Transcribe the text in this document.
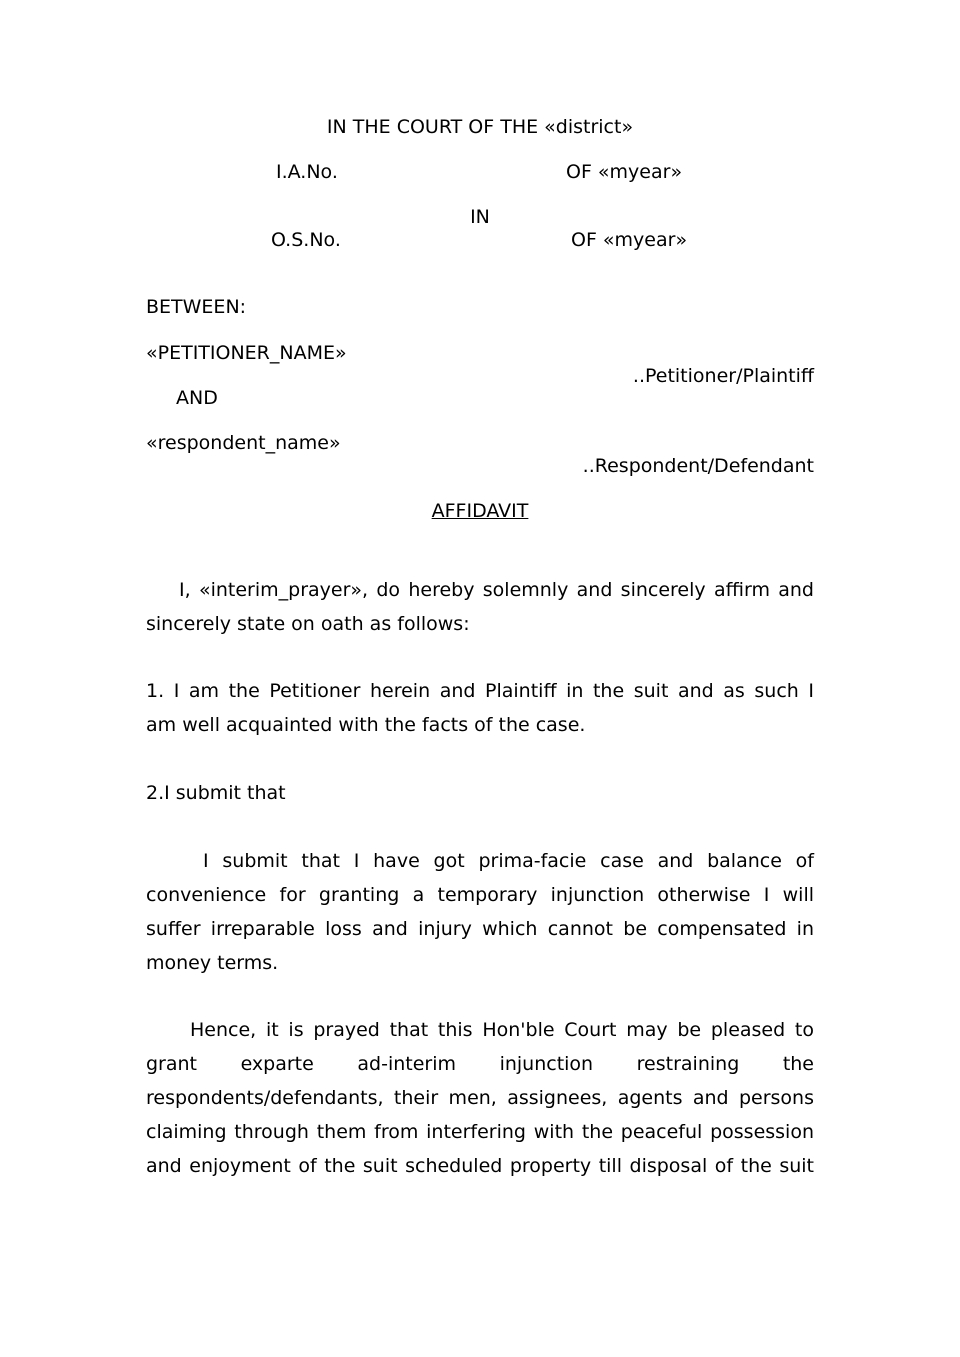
IN THE COURT OF THE «district»
I.A.No.	OF «myear»
IN
O.S.No.	OF «myear»
BETWEEN:
«PETITIONER_NAME»
..Petitioner/Plaintiff
AND
«respondent_name»
..Respondent/Defendant
AFFIDAVIT
I, «interim_prayer», do hereby solemnly and sincerely affirm and
sincerely state on oath as follows:
1. I am the Petitioner herein and Plaintiff in the suit and as such I
am well acquainted with the facts of the case.
2.I submit that
I submit that I have got prima-facie case and balance of
convenience for granting a temporary injunction otherwise I will
suffer irreparable loss and injury which cannot be compensated in
money terms.
Hence, it is prayed that this Hon'ble Court may be pleased to
grant exparte ad-interim injunction restraining the
respondents/defendants, their men, assignees, agents and persons
claiming through them from interfering with the peaceful possession
and enjoyment of the suit scheduled property till disposal of the suit
